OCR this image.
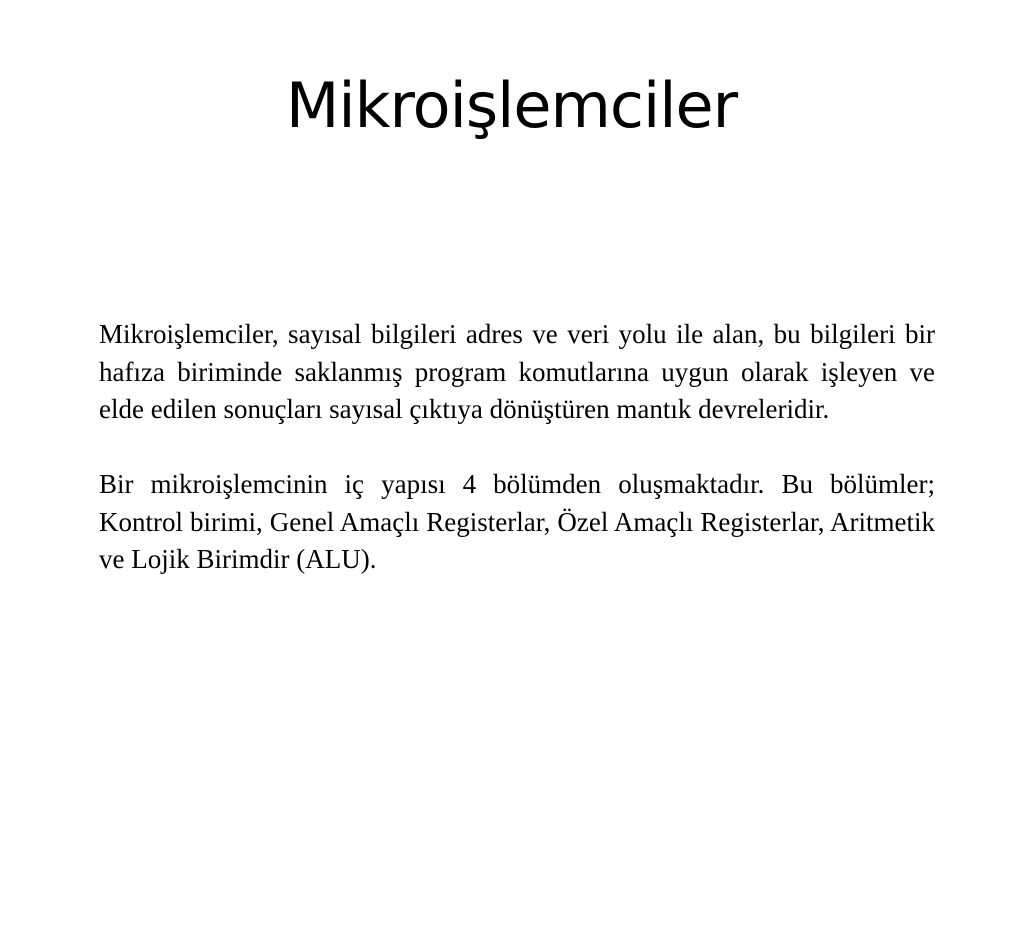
Mikroişlemciler

Mikroişlemciler, sayısal bilgileri adres ve veri yolu ile alan, bu bilgileri bir hafıza biriminde saklanmış program komutlarına uygun olarak işleyen ve elde edilen sonuçları sayısal çıktıya dönüştüren mantık devreleridir.

Bir mikroişlemcinin iç yapısı 4 bölümden oluşmaktadır. Bu bölümler; Kontrol birimi, Genel Amaçlı Registerlar, Özel Amaçlı Registerlar, Aritmetik ve Lojik Birimdir (ALU).
